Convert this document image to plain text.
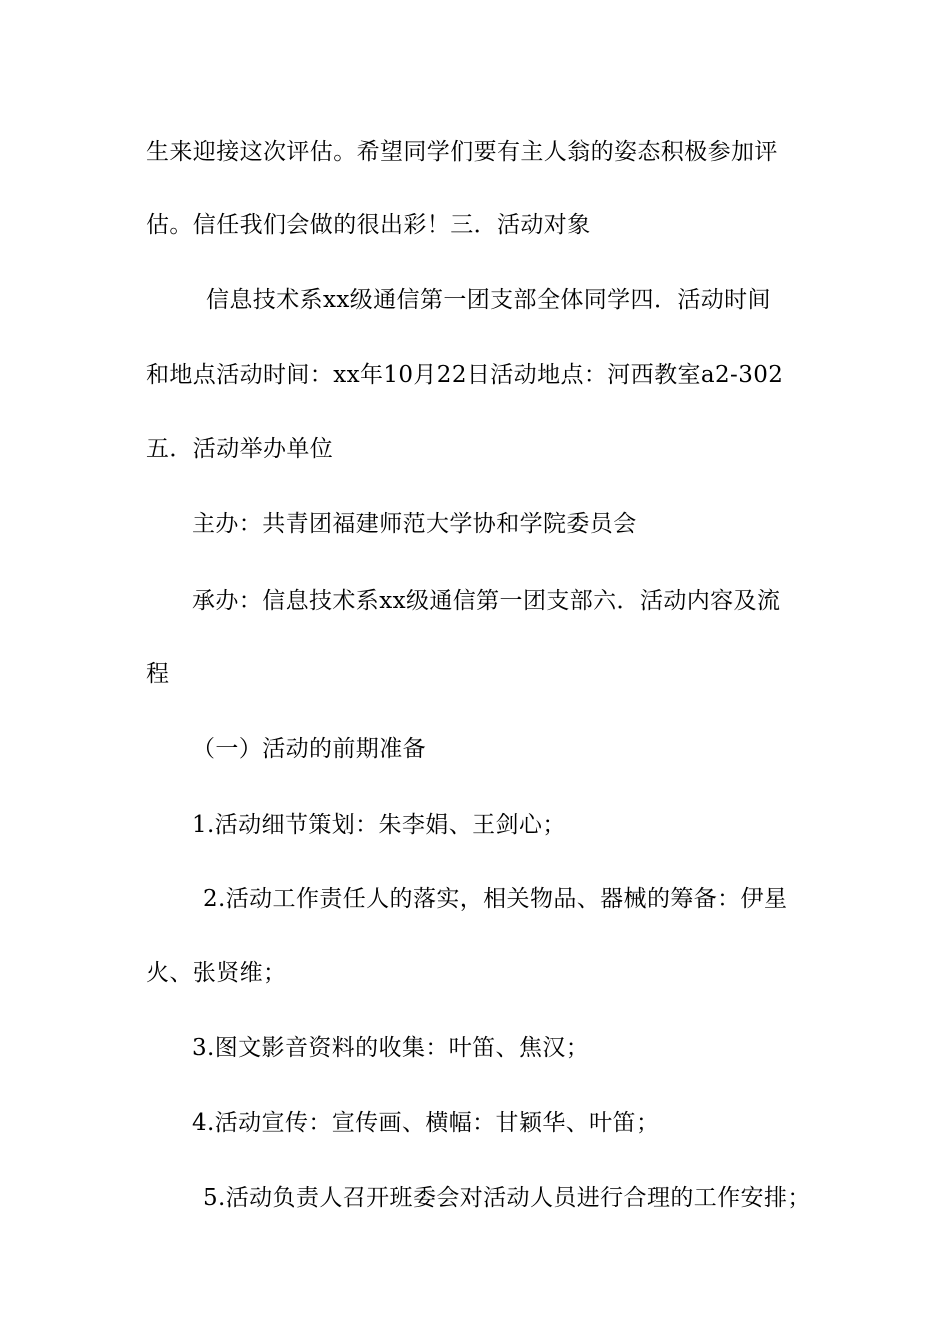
生来迎接这次评估。希望同学们要有主人翁的姿态积极参加评
估。信任我们会做的很出彩！三．活动对象
信息技术系xx级通信第一团支部全体同学四．活动时间
和地点活动时间：xx年10月22日活动地点：河西教室a2-302
五．活动举办单位
主办：共青团福建师范大学协和学院委员会
承办：信息技术系xx级通信第一团支部六．活动内容及流
程
（一）活动的前期准备
1.活动细节策划：朱李娟、王剑心；
2.活动工作责任人的落实，相关物品、器械的筹备：伊星
火、张贤维；
3.图文影音资料的收集：叶笛、焦汉；
4.活动宣传：宣传画、横幅：甘颖华、叶笛；
5.活动负责人召开班委会对活动人员进行合理的工作安排；
